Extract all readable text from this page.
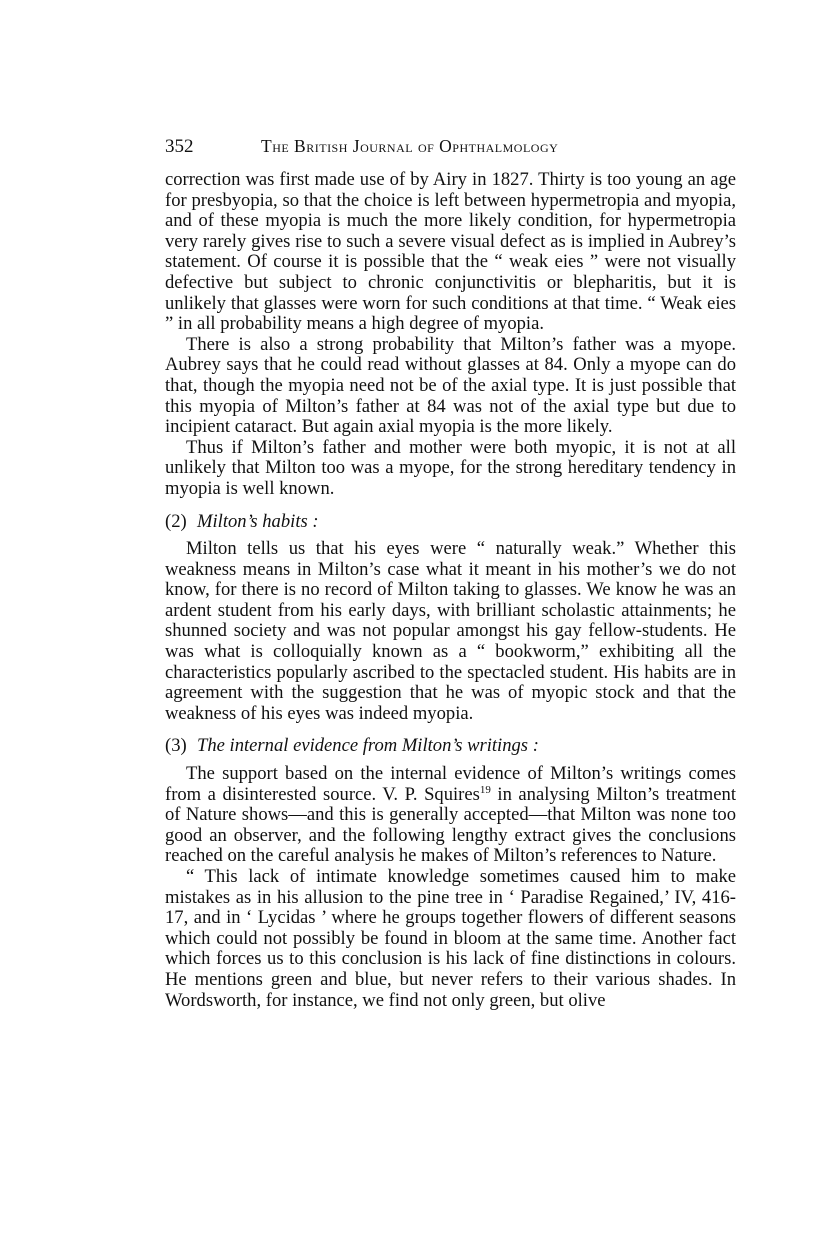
352	The British Journal of Ophthalmology

correction was first made use of by Airy in 1827. Thirty is too young an age for presbyopia, so that the choice is left between hypermetropia and myopia, and of these myopia is much the more likely condition, for hypermetropia very rarely gives rise to such a severe visual defect as is implied in Aubrey’s statement. Of course it is possible that the “ weak eies ” were not visually defective but subject to chronic conjunctivitis or blepharitis, but it is unlikely that glasses were worn for such conditions at that time. “ Weak eies ” in all probability means a high degree of myopia.

There is also a strong probability that Milton’s father was a myope. Aubrey says that he could read without glasses at 84. Only a myope can do that, though the myopia need not be of the axial type. It is just possible that this myopia of Milton’s father at 84 was not of the axial type but due to incipient cataract. But again axial myopia is the more likely.

Thus if Milton’s father and mother were both myopic, it is not at all unlikely that Milton too was a myope, for the strong hereditary tendency in myopia is well known.

(2) Milton’s habits :

Milton tells us that his eyes were “ naturally weak.” Whether this weakness means in Milton’s case what it meant in his mother’s we do not know, for there is no record of Milton taking to glasses. We know he was an ardent student from his early days, with brilliant scholastic attainments; he shunned society and was not popular amongst his gay fellow-students. He was what is colloquially known as a “ bookworm,” exhibiting all the characteristics popularly ascribed to the spectacled student. His habits are in agreement with the suggestion that he was of myopic stock and that the weakness of his eyes was indeed myopia.

(3) The internal evidence from Milton’s writings :

The support based on the internal evidence of Milton’s writings comes from a disinterested source. V. P. Squires$^{19}$ in analysing Milton’s treatment of Nature shows—and this is generally accepted—that Milton was none too good an observer, and the following lengthy extract gives the conclusions reached on the careful analysis he makes of Milton’s references to Nature.

“ This lack of intimate knowledge sometimes caused him to make mistakes as in his allusion to the pine tree in ‘ Paradise Regained,’ IV, 416-17, and in ‘ Lycidas ’ where he groups together flowers of different seasons which could not possibly be found in bloom at the same time. Another fact which forces us to this conclusion is his lack of fine distinctions in colours. He mentions green and blue, but never refers to their various shades. In Wordsworth, for instance, we find not only green, but olive
